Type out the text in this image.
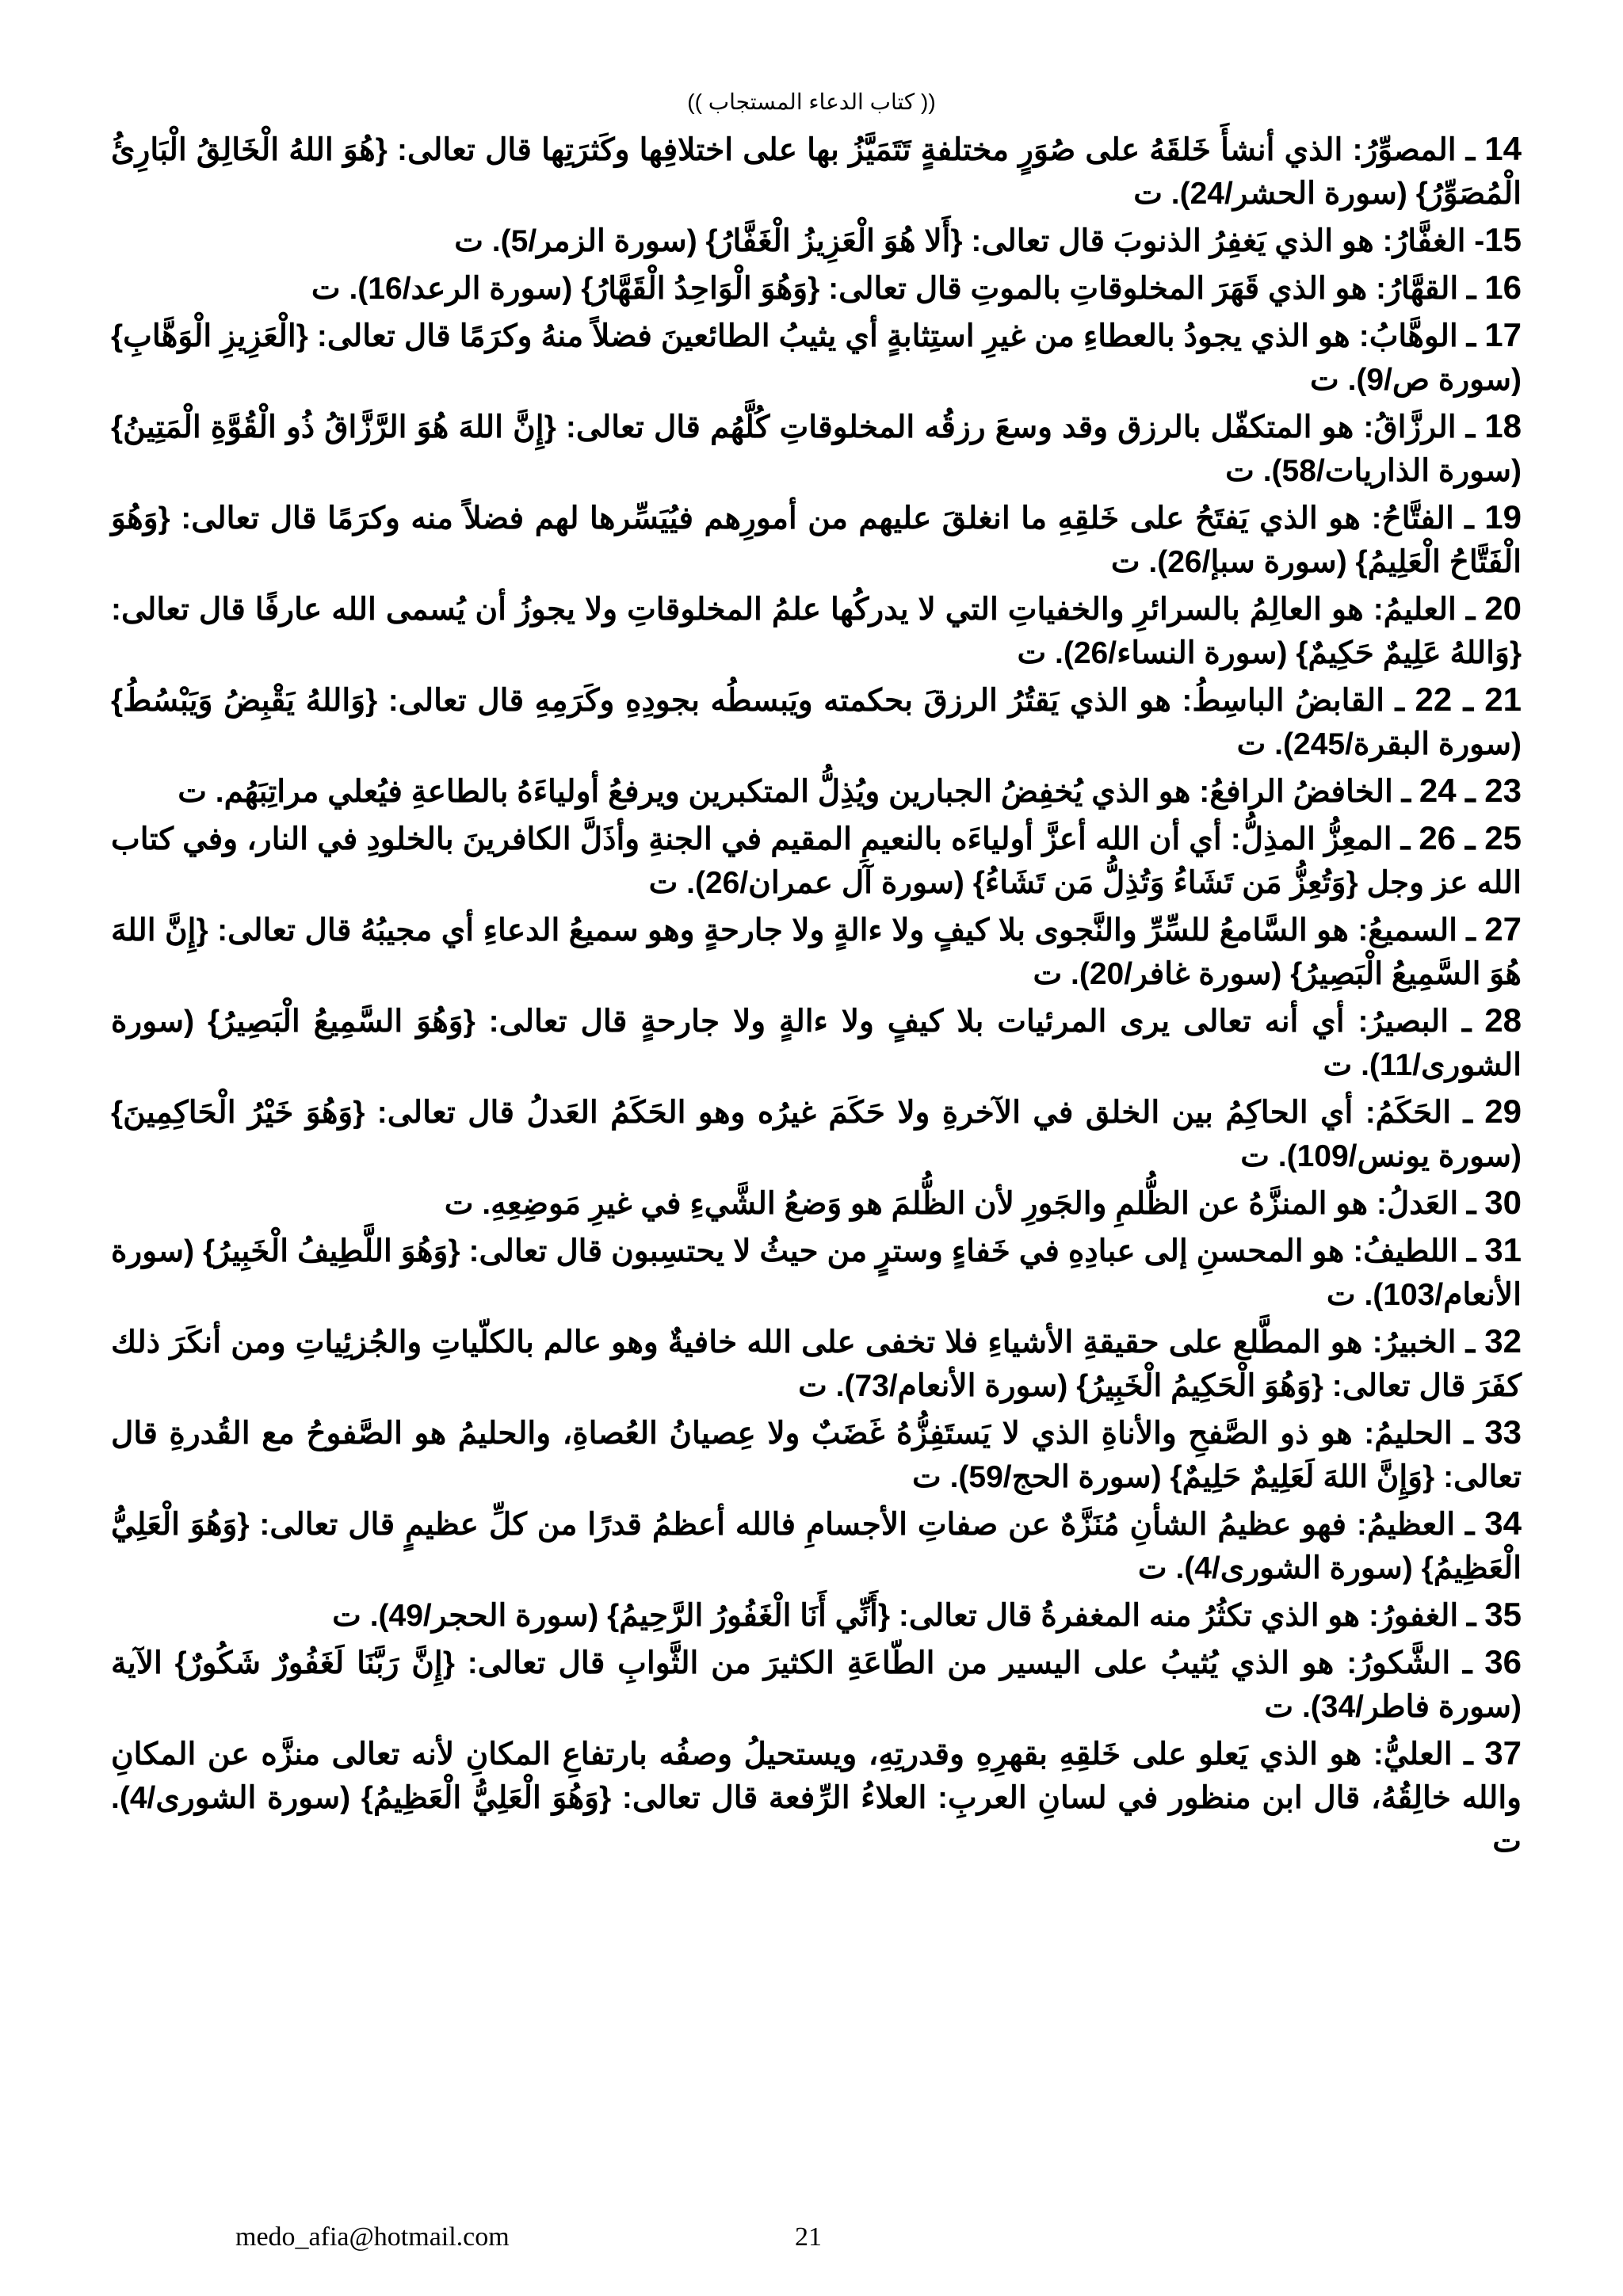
(( كتاب الدعاء المستجاب ))

14 ـ المصوِّرُ: الذي أنشأَ خَلقَهُ على صُوَرٍ مختلفةٍ تَتَمَيَّزُ بها على اختلافِها وكَثرَتِها قال تعالى: {هُوَ اللهُ الْخَالِقُ الْبَارِئُ الْمُصَوِّرُ} (سورة الحشر/24). ت

15- الغفَّارُ: هو الذي يَغفِرُ الذنوبَ قال تعالى: {أَلا هُوَ الْعَزِيزُ الْغَفَّارُ} (سورة الزمر/5). ت

16 ـ القهَّارُ: هو الذي قَهَرَ المخلوقاتِ بالموتِ قال تعالى: {وَهُوَ الْوَاحِدُ الْقَهَّارُ} (سورة الرعد/16). ت

17 ـ الوهَّابُ: هو الذي يجودُ بالعطاءِ من غيرِ استِثابةٍ أي يثيبُ الطائعينَ فضلاً منهُ وكرَمًا قال تعالى: {الْعَزِيزِ الْوَهَّابِ} (سورة ص/9). ت

18 ـ الرزَّاقُ: هو المتكفّل بالرزق وقد وسعَ رزقُه المخلوقاتِ كُلَّهُم قال تعالى: {إِنَّ اللهَ هُوَ الرَّزَّاقُ ذُو الْقُوَّةِ الْمَتِينُ} (سورة الذاريات/58). ت

19 ـ الفتَّاحُ: هو الذي يَفتَحُ على خَلقِهِ ما انغلقَ عليهم من أمورِهم فيُيَسِّرها لهم فضلاً منه وكرَمًا قال تعالى: {وَهُوَ الْفَتَّاحُ الْعَلِيمُ} (سورة سبإ/26). ت

20 ـ العليمُ: هو العالِمُ بالسرائرِ والخفياتِ التي لا يدركُها علمُ المخلوقاتِ ولا يجوزُ أن يُسمى الله عارفًا قال تعالى: {وَاللهُ عَلِيمٌ حَكِيمٌ} (سورة النساء/26). ت

21 ـ 22 ـ القابضُ الباسِطُ: هو الذي يَقتُرُ الرزقَ بحكمته ويَبسطُه بجودِهِ وكَرَمِهِ قال تعالى: {وَاللهُ يَقْبِضُ وَيَبْسُطُ} (سورة البقرة/245). ت

23 ـ 24 ـ الخافضُ الرافعُ: هو الذي يُخفِضُ الجبارين ويُذِلُّ المتكبرين ويرفعُ أولياءَهُ بالطاعةِ فيُعلي مراتِبَهُم. ت

25 ـ 26 ـ المعِزُّ المذِلُّ: أي أن الله أعزَّ أولياءَه بالنعيمِ المقيم في الجنةِ وأذَلَّ الكافرينَ بالخلودِ في النار، وفي كتاب الله عز وجل {وَتُعِزُّ مَن تَشَاءُ وَتُذِلُّ مَن تَشَاءُ} (سورة آل عمران/26). ت

27 ـ السميعُ: هو السَّامعُ للسِّرِّ والنَّجوى بلا كيفٍ ولا ءالةٍ ولا جارحةٍ وهو سميعُ الدعاءِ أي مجيبُهُ قال تعالى: {إِنَّ اللهَ هُوَ السَّمِيعُ الْبَصِيرُ} (سورة غافر/20). ت

28 ـ البصيرُ: أي أنه تعالى يرى المرئيات بلا كيفٍ ولا ءالةٍ ولا جارحةٍ قال تعالى: {وَهُوَ السَّمِيعُ الْبَصِيرُ} (سورة الشورى/11). ت

29 ـ الحَكَمُ: أي الحاكِمُ بين الخلق في الآخرةِ ولا حَكَمَ غيرُه وهو الحَكَمُ العَدلُ قال تعالى: {وَهُوَ خَيْرُ الْحَاكِمِينَ} (سورة يونس/109). ت

30 ـ العَدلُ: هو المنزَّهُ عن الظُّلمِ والجَورِ لأن الظُّلمَ هو وَضعُ الشَّيءِ في غيرِ مَوضِعِهِ. ت

31 ـ اللطيفُ: هو المحسنِ إلى عبادِهِ في خَفاءٍ وسترٍ من حيثُ لا يحتسِبون قال تعالى: {وَهُوَ اللَّطِيفُ الْخَبِيرُ} (سورة الأنعام/103). ت

32 ـ الخبيرُ: هو المطَّلع على حقيقةِ الأشياءِ فلا تخفى على الله خافيةٌ وهو عالم بالكلّياتِ والجُزئِياتِ ومن أنكَرَ ذلك كفَرَ قال تعالى: {وَهُوَ الْحَكِيمُ الْخَبِيرُ} (سورة الأنعام/73). ت

33 ـ الحليمُ: هو ذو الصَّفحِ والأناةِ الذي لا يَستَفِزُّهُ غَضَبٌ ولا عِصيانُ العُصاةِ، والحليمُ هو الصَّفوحُ مع القُدرةِ قال تعالى: {وَإِنَّ اللهَ لَعَلِيمٌ حَلِيمٌ} (سورة الحج/59). ت

34 ـ العظيمُ: فهو عظيمُ الشأنِ مُنَزَّهٌ عن صفاتِ الأجسامِ فالله أعظمُ قدرًا من كلِّ عظيمٍ قال تعالى: {وَهُوَ الْعَلِيُّ الْعَظِيمُ} (سورة الشورى/4). ت

35 ـ الغفورُ: هو الذي تكثُرُ منه المغفرةُ قال تعالى: {أَنِّي أَنَا الْغَفُورُ الرَّحِيمُ} (سورة الحجر/49). ت

36 ـ الشَّكورُ: هو الذي يُثيبُ على اليسير من الطّاعَةِ الكثيرَ من الثَّوابِ قال تعالى: {إِنَّ رَبَّنَا لَغَفُورٌ شَكُورٌ} الآية (سورة فاطر/34). ت

37 ـ العليُّ: هو الذي يَعلو على خَلقِهِ بقهرِهِ وقدرتِهِ، ويستحيلُ وصفُه بارتفاعِ المكانِ لأنه تعالى منزَّه عن المكانِ والله خالِقُهُ، قال ابن منظور في لسانِ العربِ: العلاءُ الرِّفعة قال تعالى: {وَهُوَ الْعَلِيُّ الْعَظِيمُ} (سورة الشورى/4). ت

medo_afia@hotmail.com	21
